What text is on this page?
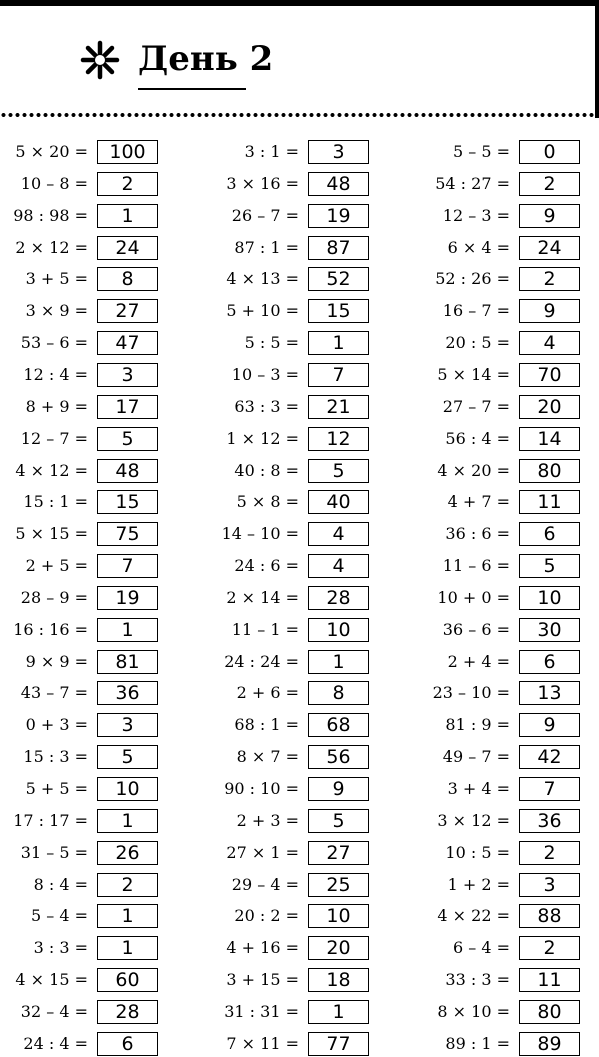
День 2
5 × 20 =	100
10 – 8 =	2
98 : 98 =	1
2 × 12 =	24
3 + 5 =	8
3 × 9 =	27
53 – 6 =	47
12 : 4 =	3
8 + 9 =	17
12 – 7 =	5
4 × 12 =	48
15 : 1 =	15
5 × 15 =	75
2 + 5 =	7
28 – 9 =	19
16 : 16 =	1
9 × 9 =	81
43 – 7 =	36
0 + 3 =	3
15 : 3 =	5
5 + 5 =	10
17 : 17 =	1
31 – 5 =	26
8 : 4 =	2
5 – 4 =	1
3 : 3 =	1
4 × 15 =	60
32 – 4 =	28
24 : 4 =	6
3 : 1 =	3
3 × 16 =	48
26 – 7 =	19
87 : 1 =	87
4 × 13 =	52
5 + 10 =	15
5 : 5 =	1
10 – 3 =	7
63 : 3 =	21
1 × 12 =	12
40 : 8 =	5
5 × 8 =	40
14 – 10 =	4
24 : 6 =	4
2 × 14 =	28
11 – 1 =	10
24 : 24 =	1
2 + 6 =	8
68 : 1 =	68
8 × 7 =	56
90 : 10 =	9
2 + 3 =	5
27 × 1 =	27
29 – 4 =	25
20 : 2 =	10
4 + 16 =	20
3 + 15 =	18
31 : 31 =	1
7 × 11 =	77
5 – 5 =	0
54 : 27 =	2
12 – 3 =	9
6 × 4 =	24
52 : 26 =	2
16 – 7 =	9
20 : 5 =	4
5 × 14 =	70
27 – 7 =	20
56 : 4 =	14
4 × 20 =	80
4 + 7 =	11
36 : 6 =	6
11 – 6 =	5
10 + 0 =	10
36 – 6 =	30
2 + 4 =	6
23 – 10 =	13
81 : 9 =	9
49 – 7 =	42
3 + 4 =	7
3 × 12 =	36
10 : 5 =	2
1 + 2 =	3
4 × 22 =	88
6 – 4 =	2
33 : 3 =	11
8 × 10 =	80
89 : 1 =	89
